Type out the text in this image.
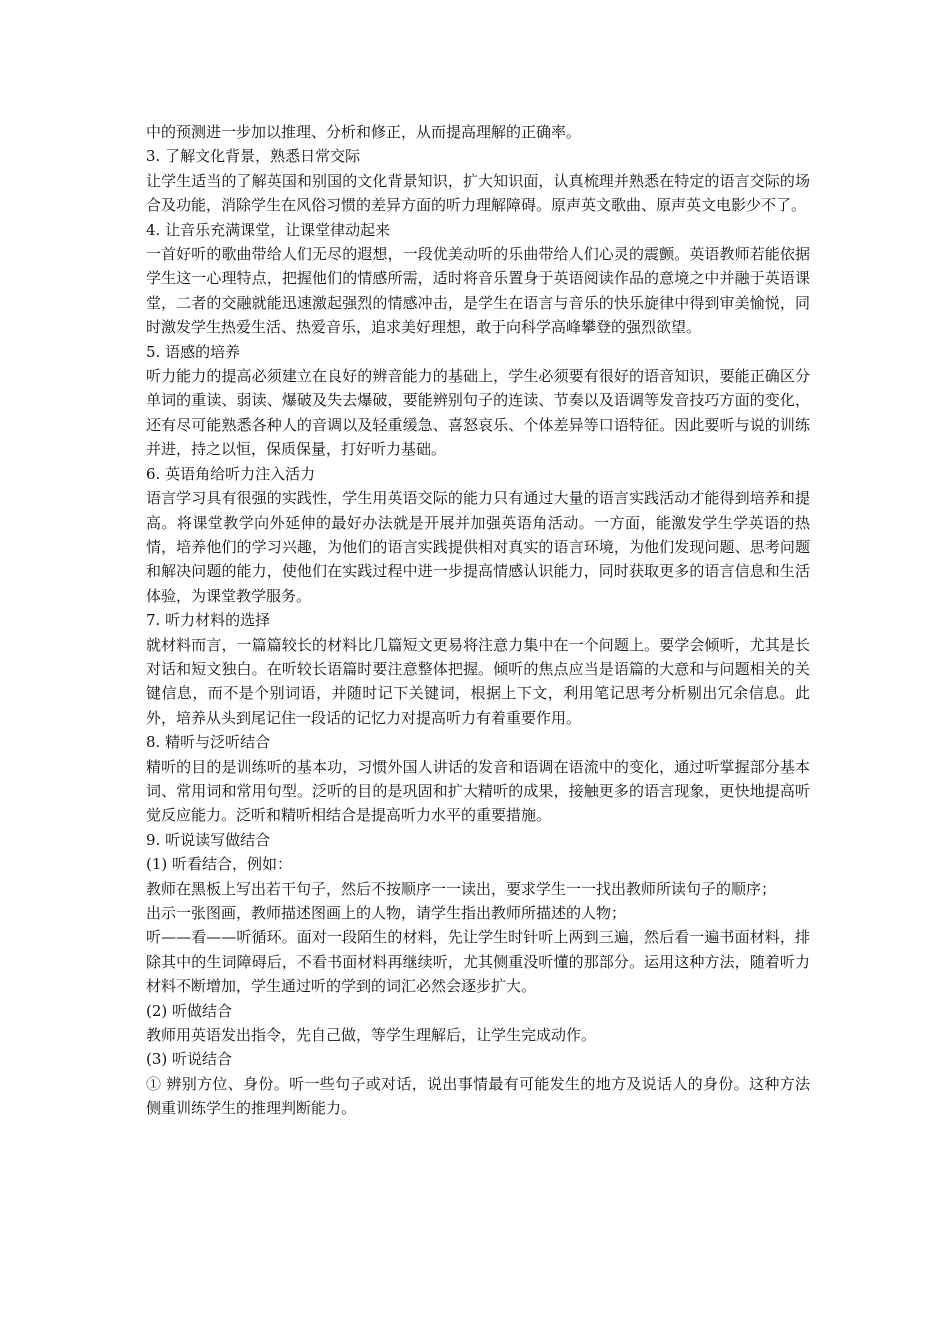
中的预测进一步加以推理、分析和修正，从而提高理解的正确率。

3. 了解文化背景，熟悉日常交际

让学生适当的了解英国和别国的文化背景知识，扩大知识面，认真梳理并熟悉在特定的语言交际的场合及功能，消除学生在风俗习惯的差异方面的听力理解障碍。原声英文歌曲、原声英文电影少不了。

4. 让音乐充满课堂，让课堂律动起来

一首好听的歌曲带给人们无尽的遐想，一段优美动听的乐曲带给人们心灵的震颤。英语教师若能依据学生这一心理特点，把握他们的情感所需，适时将音乐置身于英语阅读作品的意境之中并融于英语课堂，二者的交融就能迅速激起强烈的情感冲击，是学生在语言与音乐的快乐旋律中得到审美愉悦，同时激发学生热爱生活、热爱音乐，追求美好理想，敢于向科学高峰攀登的强烈欲望。

5. 语感的培养

听力能力的提高必须建立在良好的辨音能力的基础上，学生必须要有很好的语音知识，要能正确区分单词的重读、弱读、爆破及失去爆破，要能辨别句子的连读、节奏以及语调等发音技巧方面的变化，还有尽可能熟悉各种人的音调以及轻重缓急、喜怒哀乐、个体差异等口语特征。因此要听与说的训练并进，持之以恒，保质保量，打好听力基础。

6. 英语角给听力注入活力

语言学习具有很强的实践性，学生用英语交际的能力只有通过大量的语言实践活动才能得到培养和提高。将课堂教学向外延伸的最好办法就是开展并加强英语角活动。一方面，能激发学生学英语的热情，培养他们的学习兴趣，为他们的语言实践提供相对真实的语言环境，为他们发现问题、思考问题和解决问题的能力，使他们在实践过程中进一步提高情感认识能力，同时获取更多的语言信息和生活体验，为课堂教学服务。

7. 听力材料的选择

就材料而言，一篇篇较长的材料比几篇短文更易将注意力集中在一个问题上。要学会倾听，尤其是长对话和短文独白。在听较长语篇时要注意整体把握。倾听的焦点应当是语篇的大意和与问题相关的关键信息，而不是个别词语，并随时记下关键词，根据上下文，利用笔记思考分析剔出冗余信息。此外，培养从头到尾记住一段话的记忆力对提高听力有着重要作用。

8. 精听与泛听结合

精听的目的是训练听的基本功，习惯外国人讲话的发音和语调在语流中的变化，通过听掌握部分基本词、常用词和常用句型。泛听的目的是巩固和扩大精听的成果，接触更多的语言现象，更快地提高听觉反应能力。泛听和精听相结合是提高听力水平的重要措施。

9. 听说读写做结合

(1) 听看结合，例如：

教师在黑板上写出若干句子，然后不按顺序一一读出，要求学生一一找出教师所读句子的顺序；

出示一张图画，教师描述图画上的人物，请学生指出教师所描述的人物；

听——看——听循环。面对一段陌生的材料，先让学生时针听上两到三遍，然后看一遍书面材料，排除其中的生词障碍后，不看书面材料再继续听，尤其侧重没听懂的那部分。运用这种方法，随着听力材料不断增加，学生通过听的学到的词汇必然会逐步扩大。

(2) 听做结合

教师用英语发出指令，先自己做，等学生理解后，让学生完成动作。

(3) 听说结合

① 辨别方位、身份。听一些句子或对话，说出事情最有可能发生的地方及说话人的身份。这种方法侧重训练学生的推理判断能力。
